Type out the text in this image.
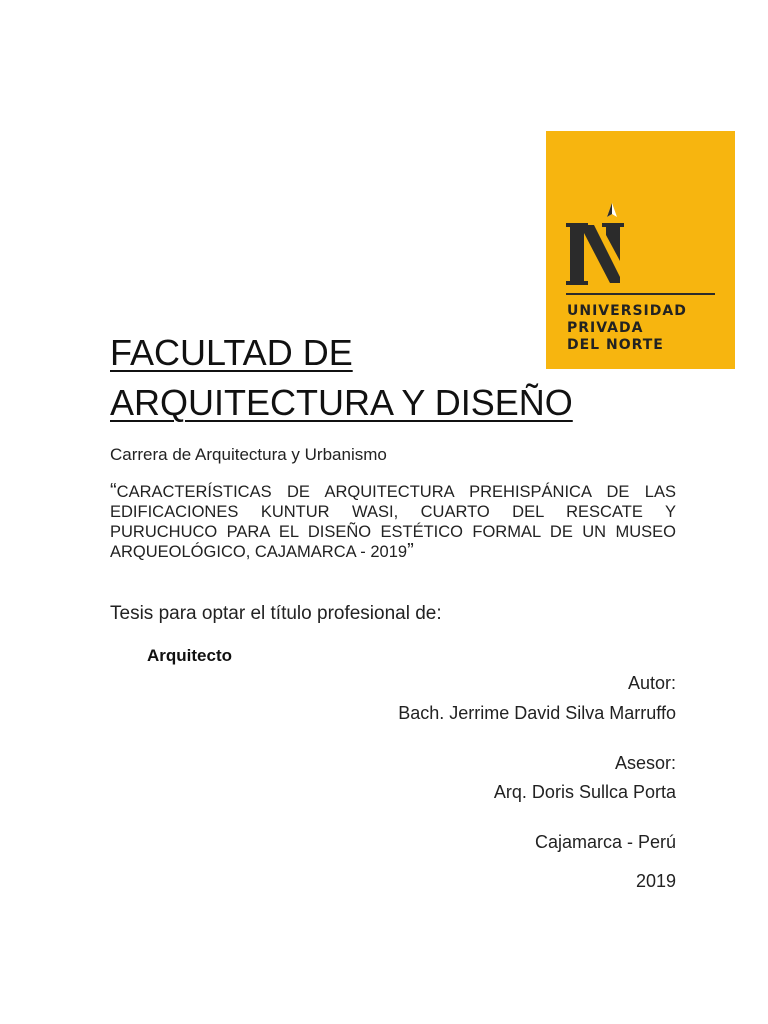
UNIVERSIDAD
PRIVADA
DEL NORTE
FACULTAD DE
ARQUITECTURA Y DISEÑO
Carrera de Arquitectura y Urbanismo
“CARACTERÍSTICAS DE ARQUITECTURA PREHISPÁNICA DE LAS EDIFICACIONES KUNTUR WASI, CUARTO DEL RESCATE Y PURUCHUCO PARA EL DISEÑO ESTÉTICO FORMAL DE UN MUSEO ARQUEOLÓGICO, CAJAMARCA - 2019”
Tesis para optar el título profesional de:
Arquitecto
Autor:
Bach. Jerrime David Silva Marruffo
Asesor:
Arq. Doris Sullca Porta
Cajamarca - Perú
2019
